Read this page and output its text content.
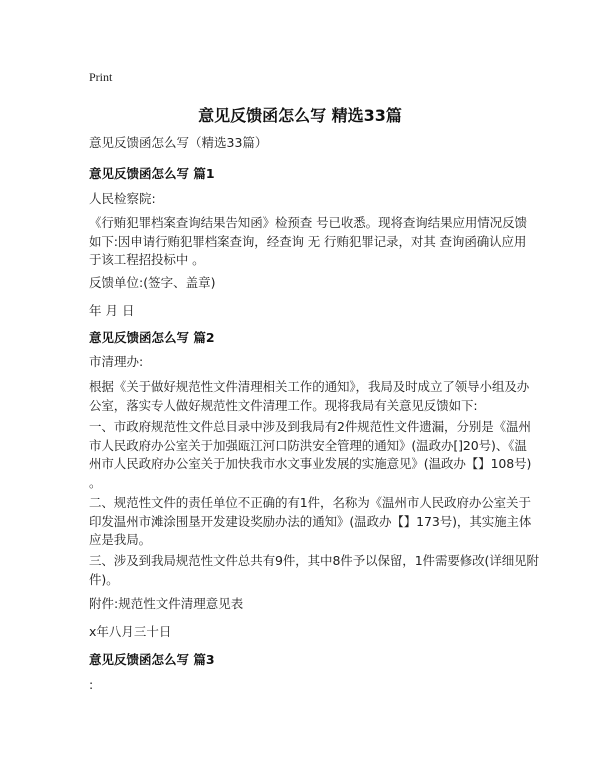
Print
意见反馈函怎么写 精选33篇
意见反馈函怎么写（精选33篇）
意见反馈函怎么写 篇1
人民检察院:
《行贿犯罪档案查询结果告知函》检预查 号已收悉。现将查询结果应用情况反馈
如下:因申请行贿犯罪档案查询，经查询 无 行贿犯罪记录，对其 查询函确认应用
于该工程招投标中 。
反馈单位:(签字、盖章)
年 月 日
意见反馈函怎么写 篇2
市清理办:
根据《关于做好规范性文件清理相关工作的通知》，我局及时成立了领导小组及办
公室，落实专人做好规范性文件清理工作。现将我局有关意见反馈如下:
一、市政府规范性文件总目录中涉及到我局有2件规范性文件遗漏，分别是《温州
市人民政府办公室关于加强瓯江河口防洪安全管理的通知》(温政办[]20号)、《温
州市人民政府办公室关于加快我市水文事业发展的实施意见》(温政办【】108号)
。
二、规范性文件的责任单位不正确的有1件，名称为《温州市人民政府办公室关于
印发温州市滩涂围垦开发建设奖励办法的通知》(温政办【】173号)，其实施主体
应是我局。
三、涉及到我局规范性文件总共有9件，其中8件予以保留，1件需要修改(详细见附
件)。
附件:规范性文件清理意见表
x年八月三十日
意见反馈函怎么写 篇3
:
